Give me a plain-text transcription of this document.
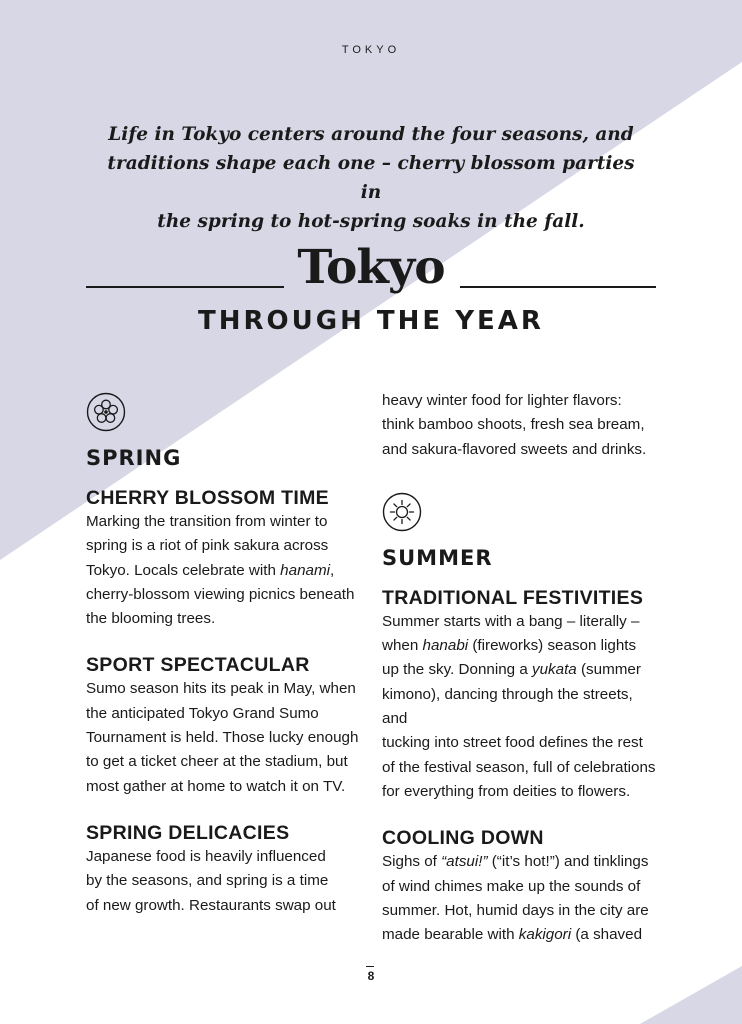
TOKYO
Life in Tokyo centers around the four seasons, and
traditions shape each one – cherry blossom parties in
the spring to hot-spring soaks in the fall.
Tokyo
THROUGH THE YEAR
SPRING
CHERRY BLOSSOM TIME
Marking the transition from winter to
spring is a riot of pink sakura across
Tokyo. Locals celebrate with hanami,
cherry-blossom viewing picnics beneath
the blooming trees.
SPORT SPECTACULAR
Sumo season hits its peak in May, when
the anticipated Tokyo Grand Sumo
Tournament is held. Those lucky enough
to get a ticket cheer at the stadium, but
most gather at home to watch it on TV.
SPRING DELICACIES
Japanese food is heavily influenced
by the seasons, and spring is a time
of new growth. Restaurants swap out
heavy winter food for lighter flavors:
think bamboo shoots, fresh sea bream,
and sakura-flavored sweets and drinks.
SUMMER
TRADITIONAL FESTIVITIES
Summer starts with a bang – literally –
when hanabi (fireworks) season lights
up the sky. Donning a yukata (summer
kimono), dancing through the streets, and
tucking into street food defines the rest
of the festival season, full of celebrations
for everything from deities to flowers.
COOLING DOWN
Sighs of “atsui!” (“it’s hot!”) and tinklings
of wind chimes make up the sounds of
summer. Hot, humid days in the city are
made bearable with kakigori (a shaved
8
